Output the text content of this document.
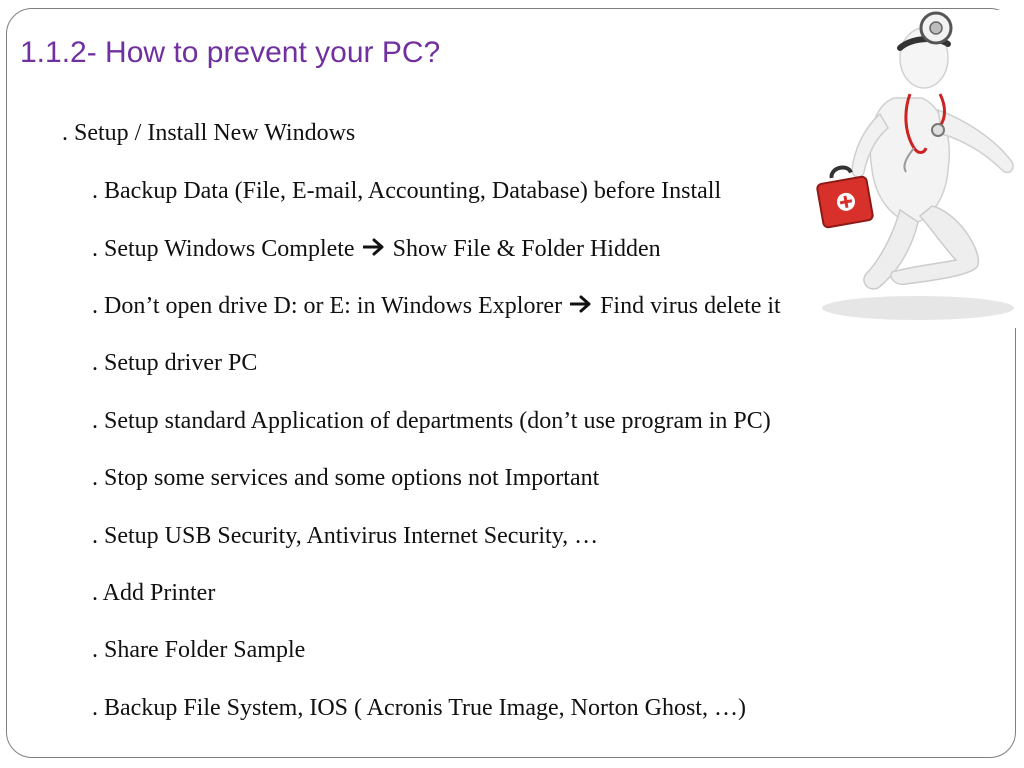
1.1.2- How to prevent your PC?
. Setup / Install New Windows
. Backup Data (File, E-mail, Accounting, Database) before Install
. Setup Windows Complete Show File & Folder Hidden
. Don’t open drive D: or E: in Windows Explorer Find virus delete it
. Setup driver PC
. Setup standard Application of departments (don’t use program in PC)
. Stop some services and some options not Important
. Setup USB Security, Antivirus Internet Security, …
. Add Printer
. Share Folder Sample
. Backup File System, IOS ( Acronis True Image, Norton Ghost, …)
